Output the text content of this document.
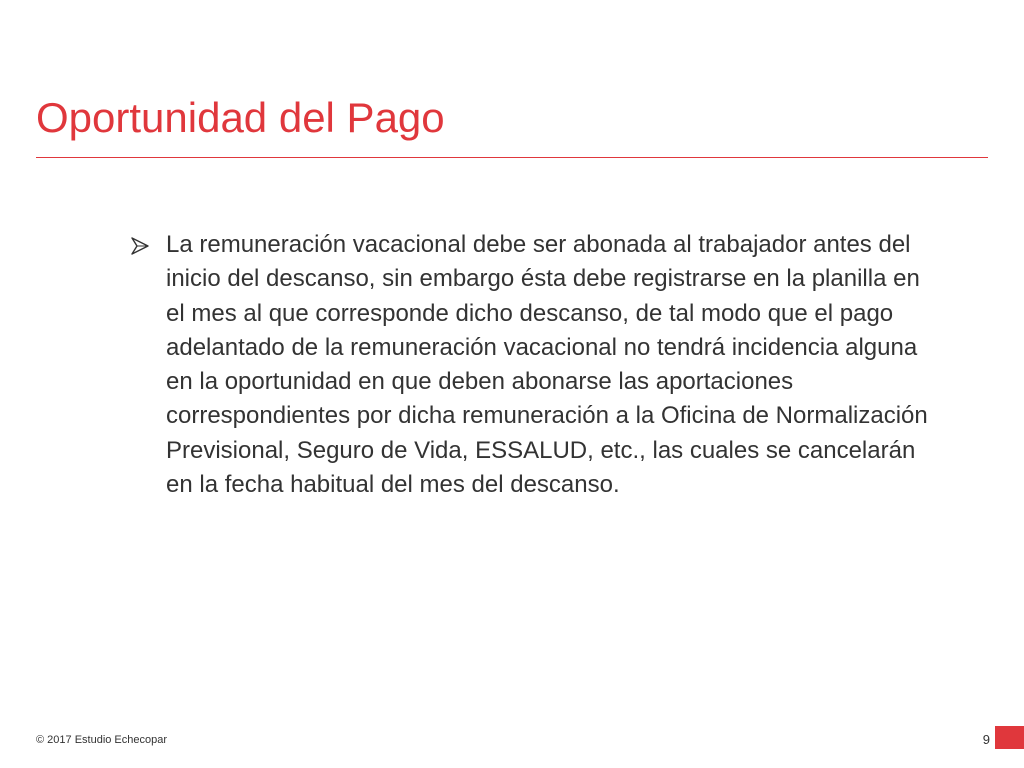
Oportunidad del Pago

La remuneración vacacional debe ser abonada al trabajador antes del inicio del descanso, sin embargo ésta debe registrarse en la planilla en el mes al que corresponde dicho descanso, de tal modo que el pago adelantado de la remuneración vacacional no tendrá incidencia alguna en la oportunidad en que deben abonarse las aportaciones correspondientes por dicha remuneración a la Oficina de Normalización Previsional, Seguro de Vida, ESSALUD, etc., las cuales se cancelarán en la fecha habitual del mes del descanso.

© 2017 Estudio Echecopar	9
